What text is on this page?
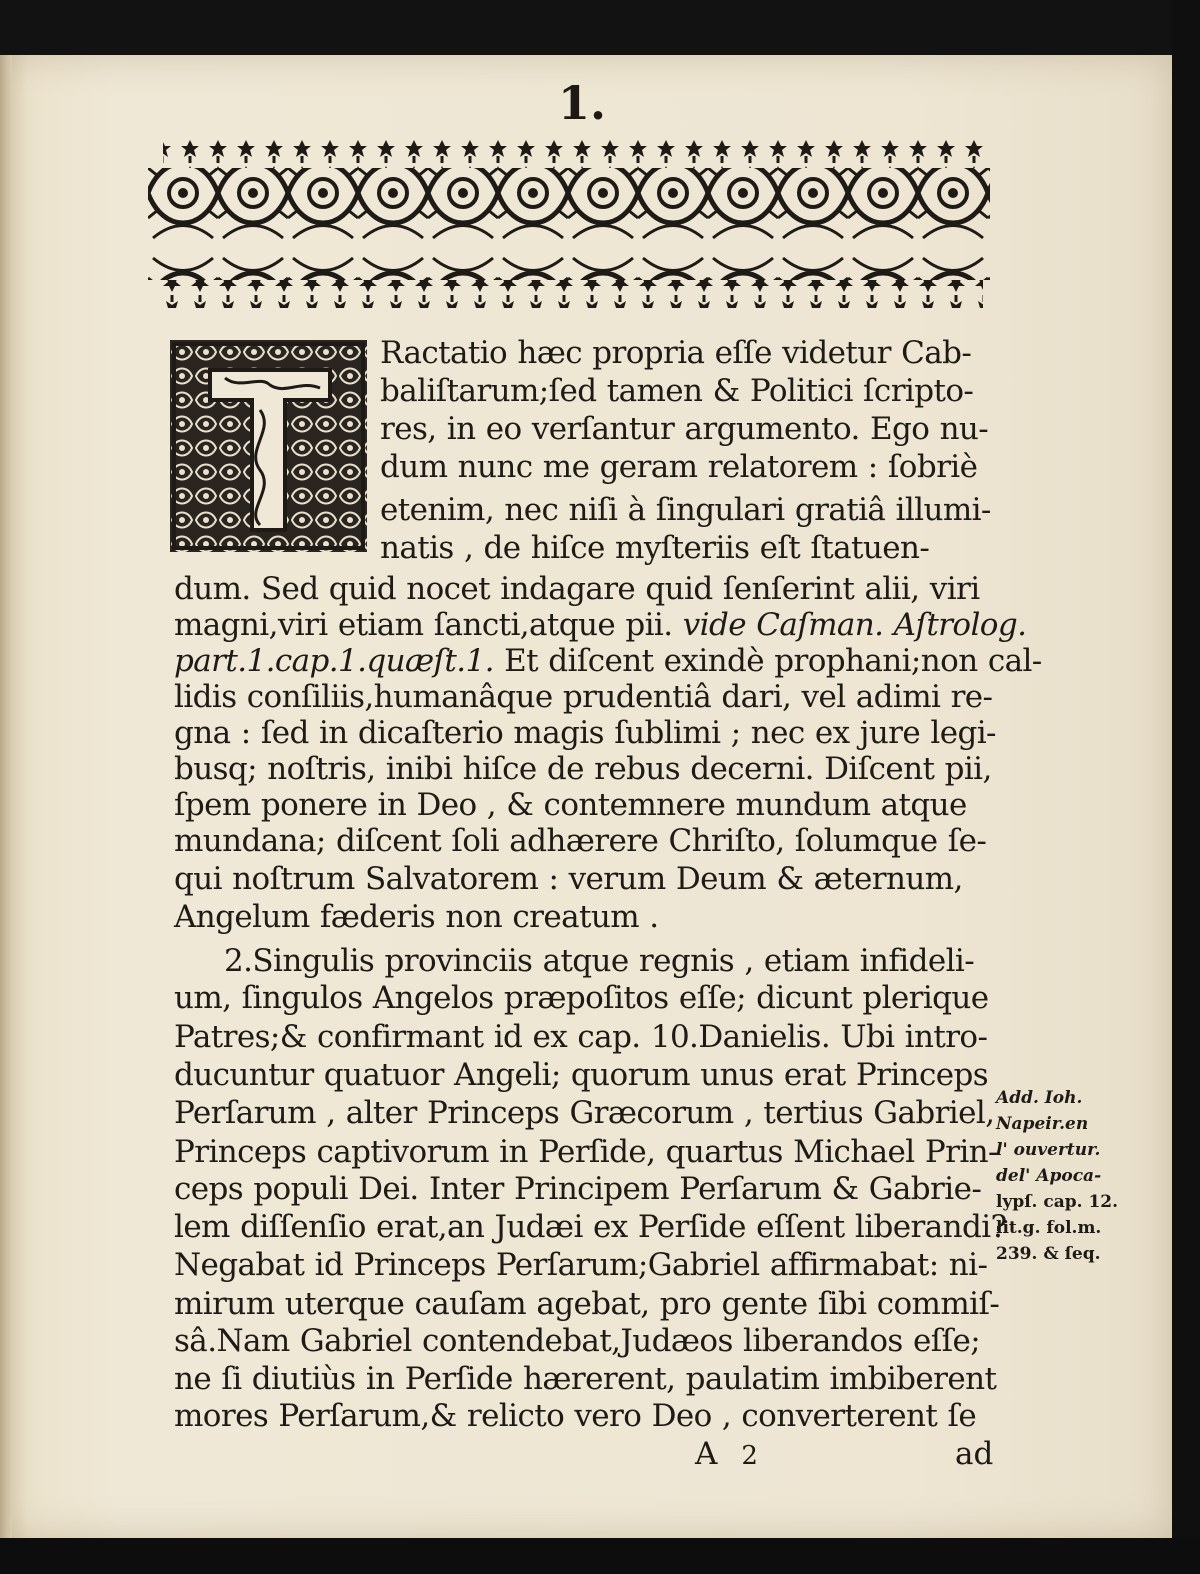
1.
Ractatio hæc propria eſſe videtur Cab-
baliſtarum;ſed tamen & Politici ſcripto-
res, in eo verſantur argumento. Ego nu-
dum nunc me geram relatorem : ſobriè
etenim, nec niſi à ſingulari gratiâ illumi-
natis , de hiſce myſteriis eſt ſtatuen-
dum. Sed quid nocet indagare quid ſenſerint alii, viri
magni,viri etiam ſancti,atque pii. vide Caſman. Aſtrolog.
part.1.cap.1.quæſt.1. Et diſcent exindè prophani;non cal-
lidis conſiliis,humanâque prudentiâ dari, vel adimi re-
gna : ſed in dicaſterio magis ſublimi ; nec ex jure legi-
busq; noſtris, inibi hiſce de rebus decerni. Diſcent pii,
ſpem ponere in Deo , & contemnere mundum atque
mundana; diſcent ſoli adhærere Chriſto, ſolumque ſe-
qui noſtrum Salvatorem : verum Deum & æternum,
Angelum fæderis non creatum .
2.Singulis provinciis atque regnis , etiam infideli-
um, ſingulos Angelos præpoſitos eſſe; dicunt plerique
Patres;& confirmant id ex cap. 10.Danielis. Ubi intro-
ducuntur quatuor Angeli; quorum unus erat Princeps
Perſarum , alter Princeps Græcorum , tertius Gabriel,
Princeps captivorum in Perſide, quartus Michael Prin-
ceps populi Dei. Inter Principem Perſarum & Gabrie-
lem diſſenſio erat,an Judæi ex Perſide eſſent liberandi?
Negabat id Princeps Perſarum;Gabriel affirmabat: ni-
mirum uterque cauſam agebat, pro gente ſibi commiſ-
sâ.Nam Gabriel contendebat,Judæos liberandos eſſe;
ne ſi diutiùs in Perſide hærerent, paulatim imbiberent
mores Perſarum,& relicto vero Deo , converterent ſe
Add. Ioh.
Napeir.en
l' ouvertur.
del' Apoca-
lypſ. cap. 12.
lit.g. fol.m.
239. & ſeq.
A 2	ad
